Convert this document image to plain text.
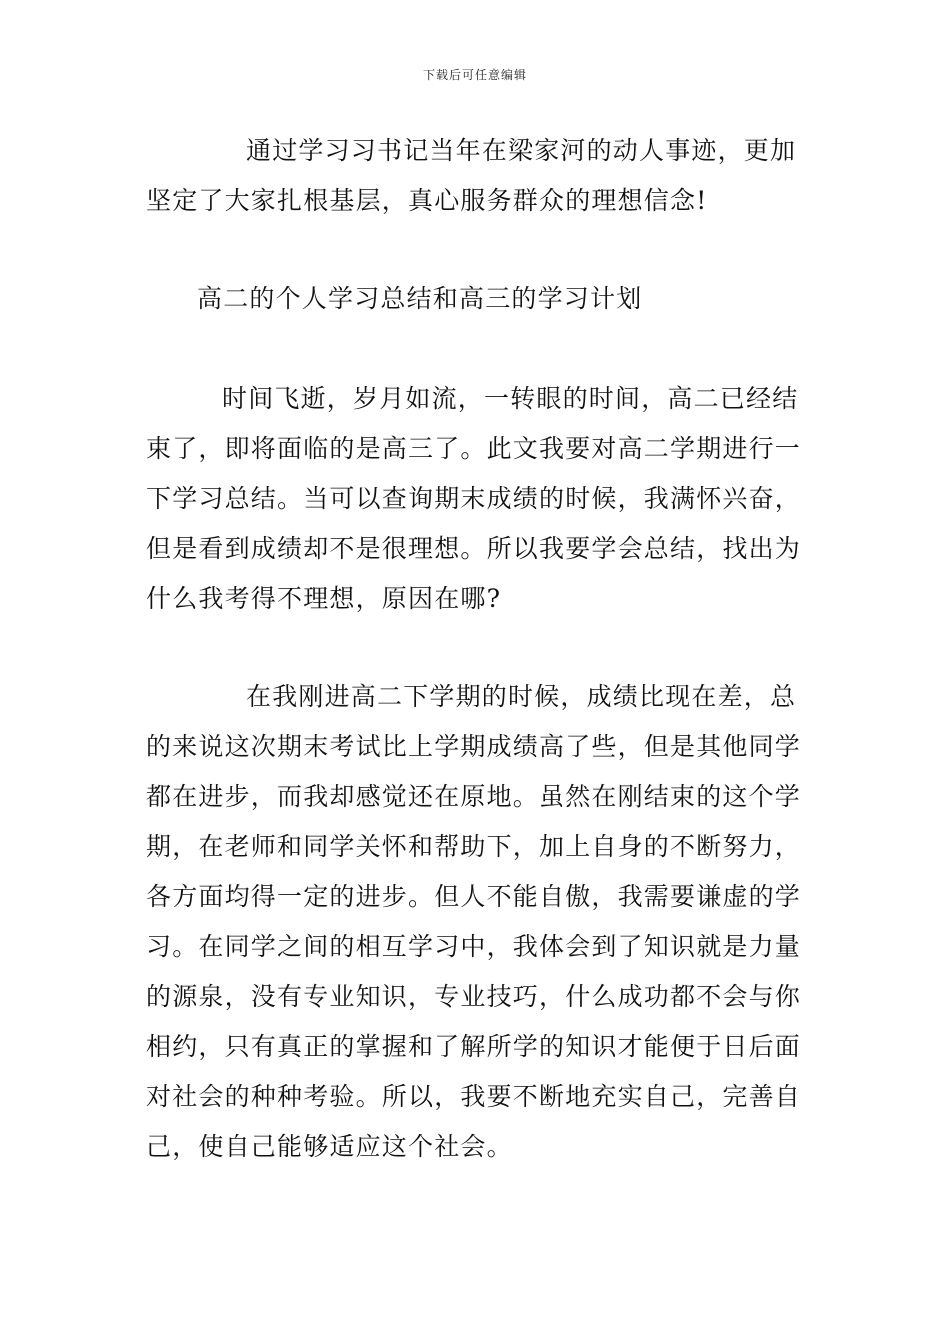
下载后可任意编辑
通过学习习书记当年在梁家河的动人事迹，更加
坚定了大家扎根基层，真心服务群众的理想信念!
高二的个人学习总结和高三的学习计划
时间飞逝，岁月如流，一转眼的时间，高二已经结
束了，即将面临的是高三了。此文我要对高二学期进行一
下学习总结。当可以查询期末成绩的时候，我满怀兴奋，
但是看到成绩却不是很理想。所以我要学会总结，找出为
什么我考得不理想，原因在哪?
在我刚进高二下学期的时候，成绩比现在差，总
的来说这次期末考试比上学期成绩高了些，但是其他同学
都在进步，而我却感觉还在原地。虽然在刚结束的这个学
期，在老师和同学关怀和帮助下，加上自身的不断努力，
各方面均得一定的进步。但人不能自傲，我需要谦虚的学
习。在同学之间的相互学习中，我体会到了知识就是力量
的源泉，没有专业知识，专业技巧，什么成功都不会与你
相约，只有真正的掌握和了解所学的知识才能便于日后面
对社会的种种考验。所以，我要不断地充实自己，完善自
己，使自己能够适应这个社会。
